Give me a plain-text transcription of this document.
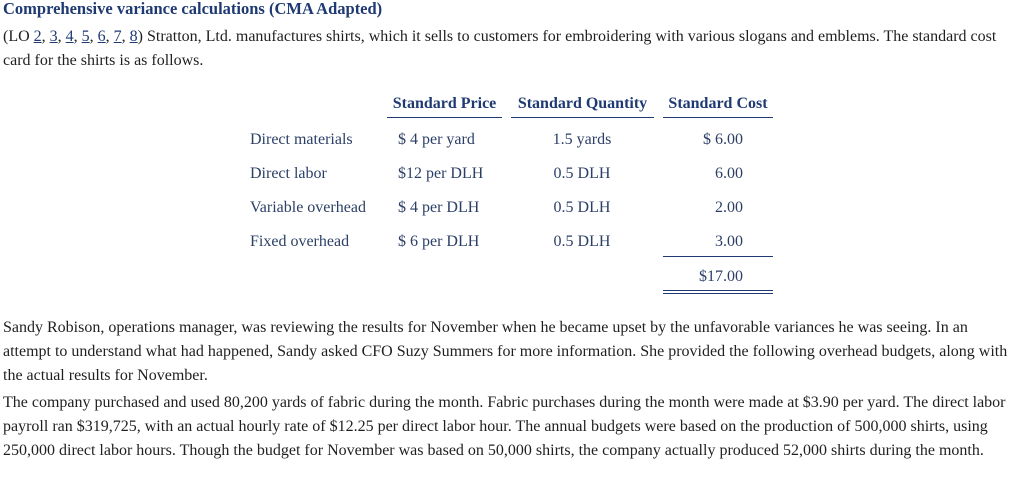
Comprehensive variance calculations (CMA Adapted)
(LO 2, 3, 4, 5, 6, 7, 8) Stratton, Ltd. manufactures shirts, which it sells to customers for embroidering with various slogans and emblems. The standard cost card for the shirts is as follows.
Standard Price	Standard Quantity	Standard Cost
Direct materials	$ 4 per yard	1.5 yards	$ 6.00
Direct labor	$12 per DLH	0.5 DLH	6.00
Variable overhead $ 4 per DLH	0.5 DLH	2.00
Fixed overhead	$ 6 per DLH	0.5 DLH	3.00
$17.00
Sandy Robison, operations manager, was reviewing the results for November when he became upset by the unfavorable variances he was seeing. In an attempt to understand what had happened, Sandy asked CFO Suzy Summers for more information. She provided the following overhead budgets, along with the actual results for November.
The company purchased and used 80,200 yards of fabric during the month. Fabric purchases during the month were made at $3.90 per yard. The direct labor payroll ran $319,725, with an actual hourly rate of $12.25 per direct labor hour. The annual budgets were based on the production of 500,000 shirts, using 250,000 direct labor hours. Though the budget for November was based on 50,000 shirts, the company actually produced 52,000 shirts during the month.
